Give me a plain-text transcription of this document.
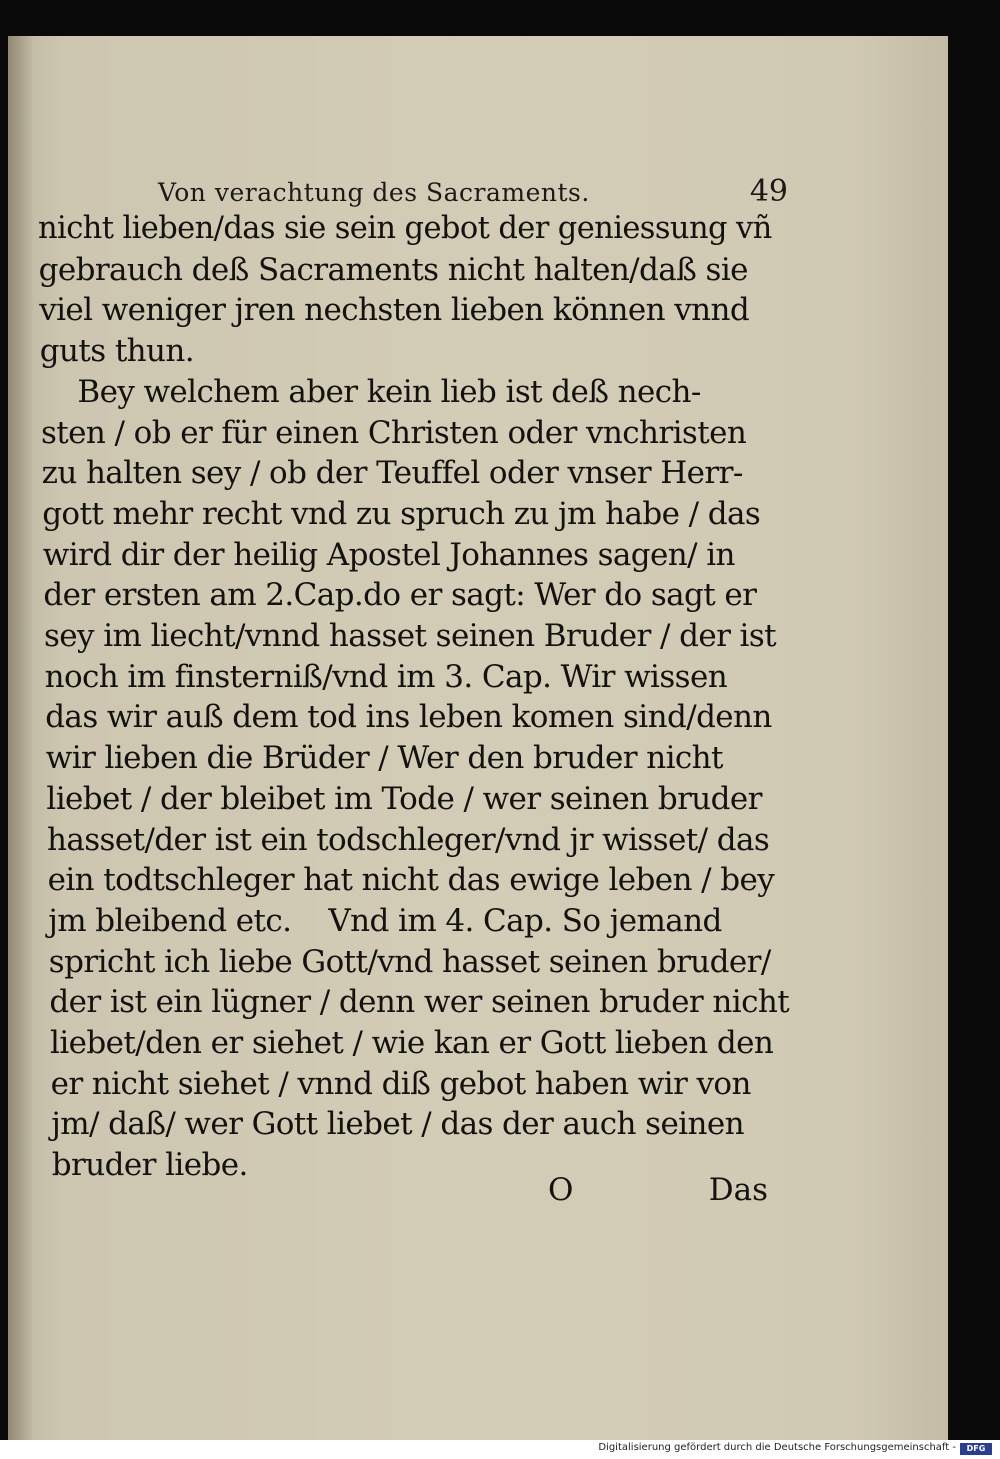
Von verachtung des Sacraments.	49
nicht lieben/das sie sein gebot der geniessung vñ
gebrauch deß Sacraments nicht halten/daß sie
viel weniger jren nechsten lieben können vnnd
guts thun.
Bey welchem aber kein lieb ist deß nech-
sten / ob er für einen Christen oder vnchristen
zu halten sey / ob der Teuffel oder vnser Herr-
gott mehr recht vnd zu spruch zu jm habe / das
wird dir der heilig Apostel Johannes sagen/ in
der ersten am 2.Cap.do er sagt: Wer do sagt er
sey im liecht/vnnd hasset seinen Bruder / der ist
noch im finsterniß/vnd im 3. Cap. Wir wissen
das wir auß dem tod ins leben komen sind/denn
wir lieben die Brüder / Wer den bruder nicht
liebet / der bleibet im Tode / wer seinen bruder
hasset/der ist ein todschleger/vnd jr wisset/ das
ein todtschleger hat nicht das ewige leben / bey
jm bleibend etc.    Vnd im 4. Cap. So jemand
spricht ich liebe Gott/vnd hasset seinen bruder/
der ist ein lügner / denn wer seinen bruder nicht
liebet/den er siehet / wie kan er Gott lieben den
er nicht siehet / vnnd diß gebot haben wir von
jm/ daß/ wer Gott liebet / das der auch seinen
bruder liebe.
O	Das
Digitalisierung gefördert durch die Deutsche Forschungsgemeinschaft -	DFG
